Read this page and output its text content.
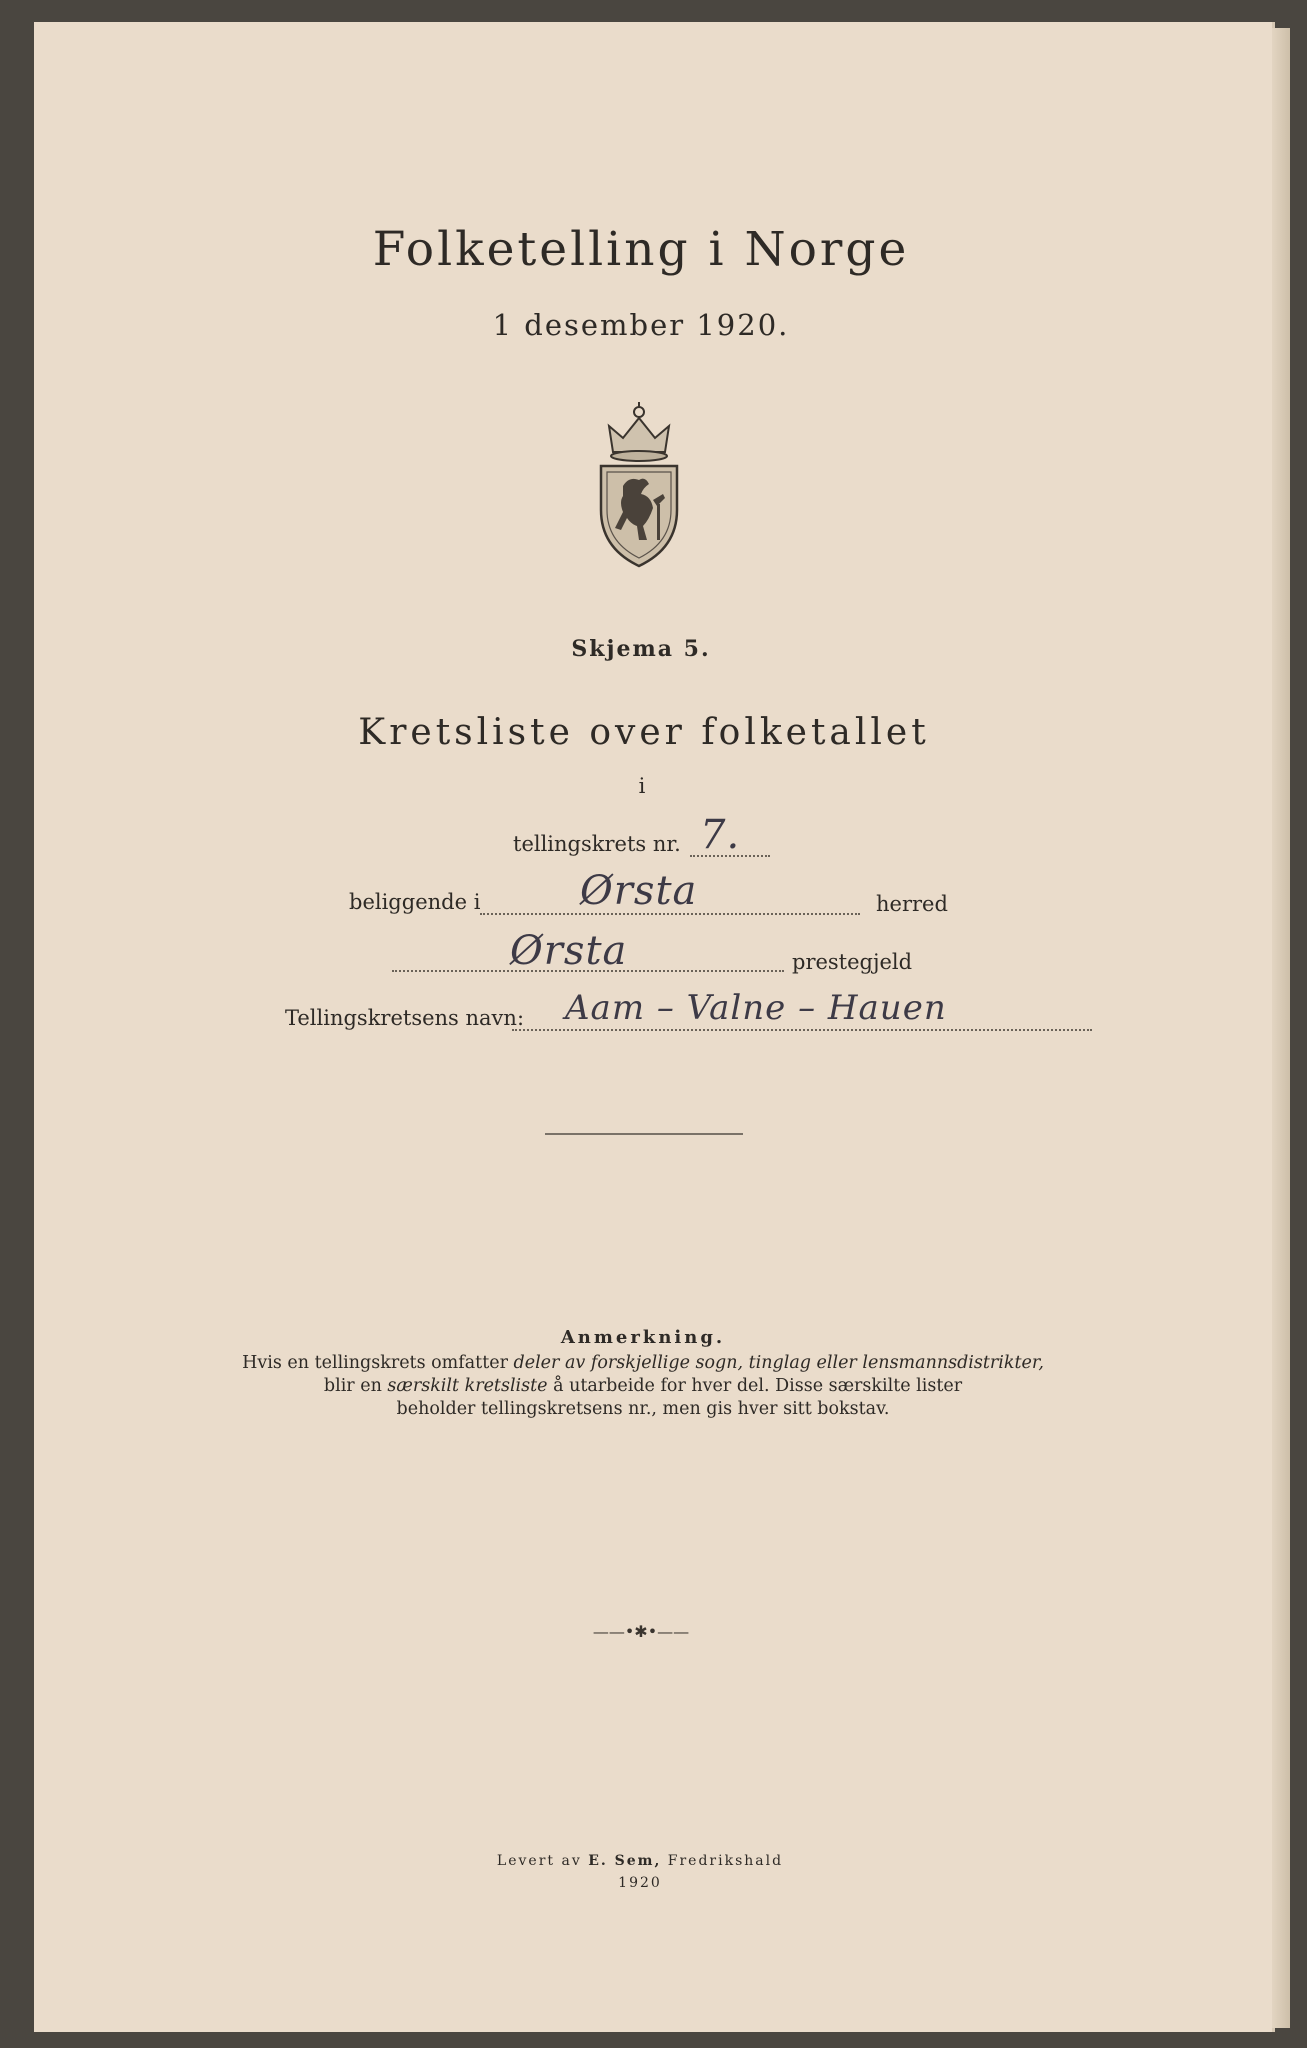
Folketelling i Norge
1 desember 1920.
Skjema 5.
Kretsliste over folketallet
i
tellingskrets nr. 7.
beliggende i Ørsta	herred
Ørsta	prestegjeld
Tellingskretsens navn: Aam – Valne – Hauen
Anmerkning.
Hvis en tellingskrets omfatter deler av forskjellige sogn, tinglag eller lensmannsdistrikter,
blir en særskilt kretsliste å utarbeide for hver del. Disse særskilte lister
beholder tellingskretsens nr., men gis hver sitt bokstav.
——•✱•——
Levert av E. Sem, Fredrikshald
1920
